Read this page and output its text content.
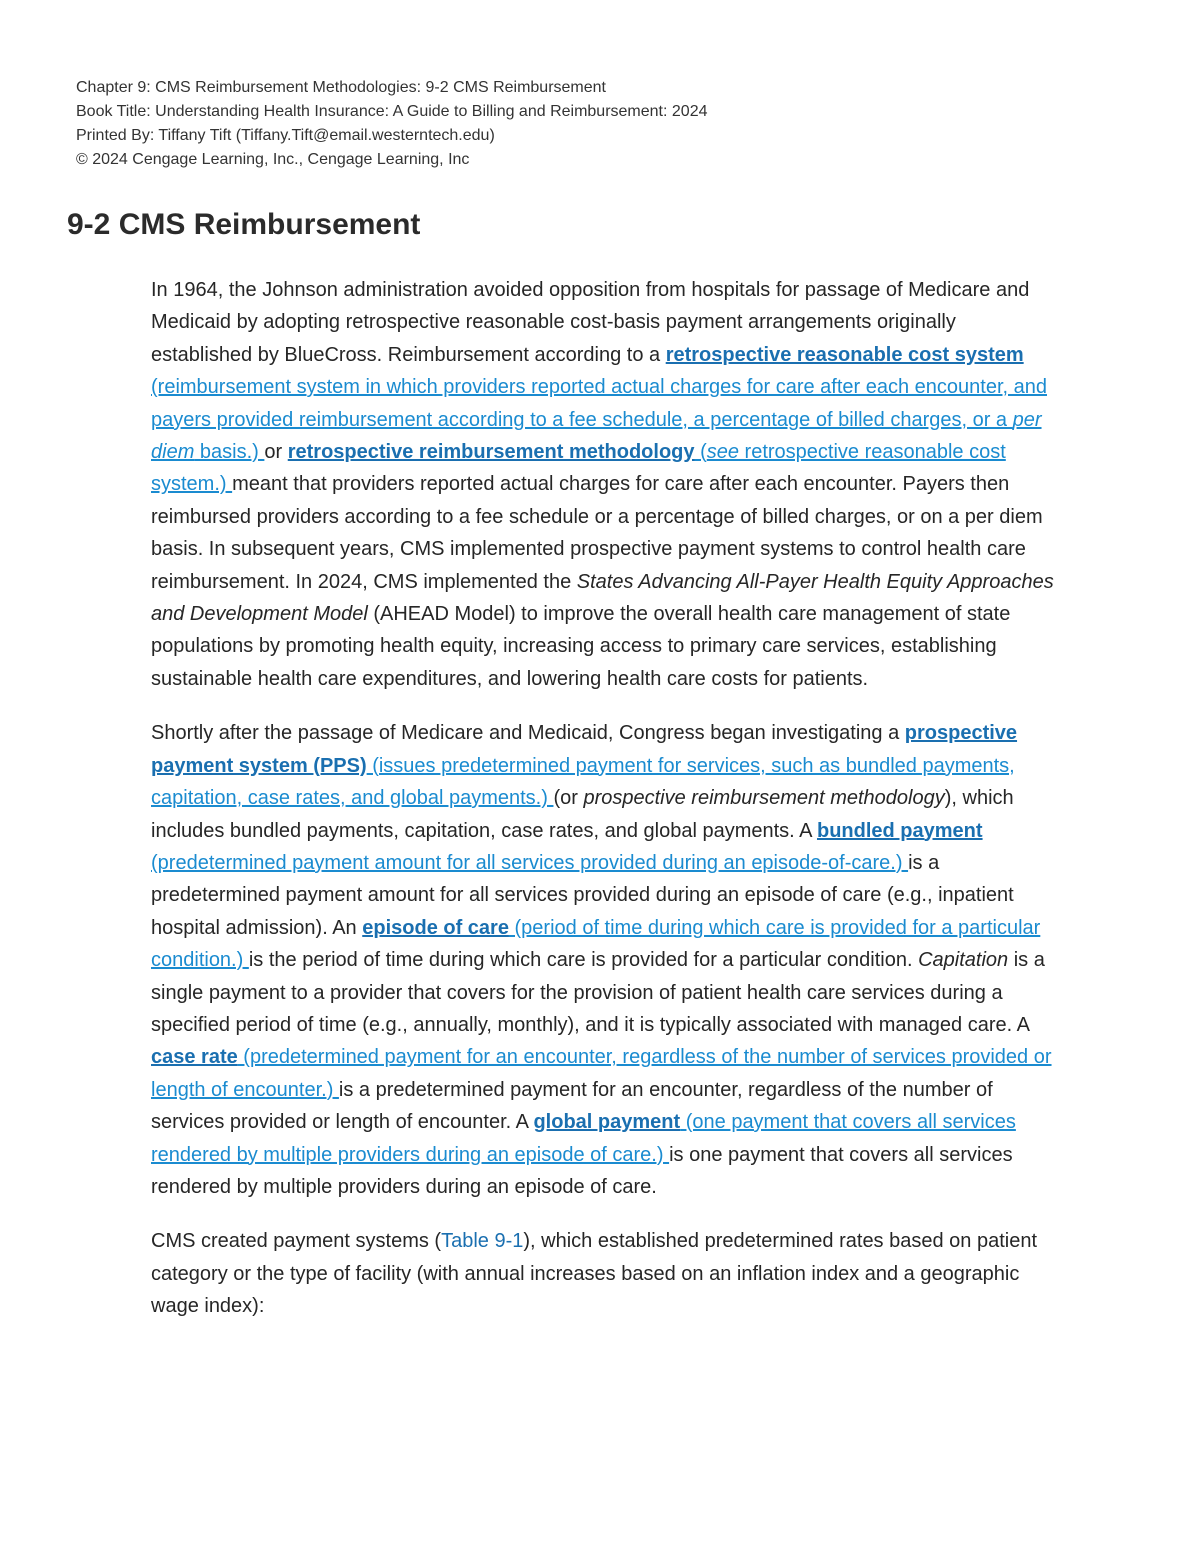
Chapter 9: CMS Reimbursement Methodologies: 9-2 CMS Reimbursement
Book Title: Understanding Health Insurance: A Guide to Billing and Reimbursement: 2024
Printed By: Tiffany Tift (Tiffany.Tift@email.westerntech.edu)
© 2024 Cengage Learning, Inc., Cengage Learning, Inc
9-2 CMS Reimbursement

In 1964, the Johnson administration avoided opposition from hospitals for passage of Medicare and Medicaid by adopting retrospective reasonable cost-basis payment arrangements originally established by BlueCross. Reimbursement according to a retrospective reasonable cost system (reimbursement system in which providers reported actual charges for care after each encounter, and payers provided reimbursement according to a fee schedule, a percentage of billed charges, or a per diem basis.) or retrospective reimbursement methodology (see retrospective reasonable cost system.) meant that providers reported actual charges for care after each encounter. Payers then reimbursed providers according to a fee schedule or a percentage of billed charges, or on a per diem basis. In subsequent years, CMS implemented prospective payment systems to control health care reimbursement. In 2024, CMS implemented the States Advancing All-Payer Health Equity Approaches and Development Model (AHEAD Model) to improve the overall health care management of state populations by promoting health equity, increasing access to primary care services, establishing sustainable health care expenditures, and lowering health care costs for patients.

Shortly after the passage of Medicare and Medicaid, Congress began investigating a prospective payment system (PPS) (issues predetermined payment for services, such as bundled payments, capitation, case rates, and global payments.) (or prospective reimbursement methodology), which includes bundled payments, capitation, case rates, and global payments. A bundled payment (predetermined payment amount for all services provided during an episode-of-care.) is a predetermined payment amount for all services provided during an episode of care (e.g., inpatient hospital admission). An episode of care (period of time during which care is provided for a particular condition.) is the period of time during which care is provided for a particular condition. Capitation is a single payment to a provider that covers for the provision of patient health care services during a specified period of time (e.g., annually, monthly), and it is typically associated with managed care. A case rate (predetermined payment for an encounter, regardless of the number of services provided or length of encounter.) is a predetermined payment for an encounter, regardless of the number of services provided or length of encounter. A global payment (one payment that covers all services rendered by multiple providers during an episode of care.) is one payment that covers all services rendered by multiple providers during an episode of care.

CMS created payment systems (Table 9-1), which established predetermined rates based on patient category or the type of facility (with annual increases based on an inflation index and a geographic wage index):
